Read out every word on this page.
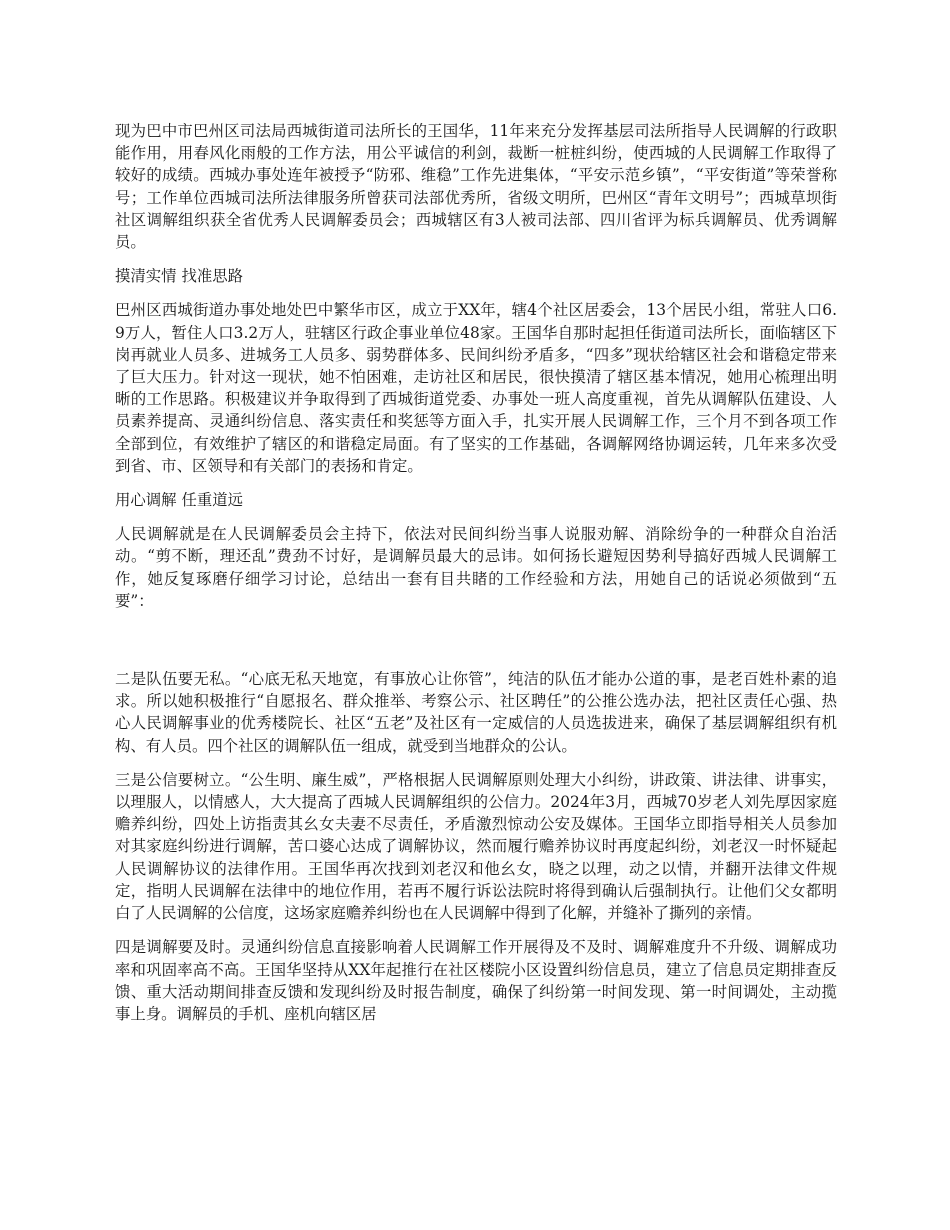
现为巴中市巴州区司法局西城街道司法所长的王国华，11年来充分发挥基层司法所指导人民调解的行政职能作用，用春风化雨般的工作方法，用公平诚信的利剑，裁断一桩桩纠纷，使西城的人民调解工作取得了较好的成绩。西城办事处连年被授予“防邪、维稳”工作先进集体，“平安示范乡镇”，“平安街道”等荣誉称号；工作单位西城司法所法律服务所曾获司法部优秀所，省级文明所，巴州区“青年文明号”；西城草坝街社区调解组织获全省优秀人民调解委员会；西城辖区有3人被司法部、四川省评为标兵调解员、优秀调解员。

摸清实情 找准思路

巴州区西城街道办事处地处巴中繁华市区，成立于XX年，辖4个社区居委会，13个居民小组，常驻人口6.9万人，暂住人口3.2万人，驻辖区行政企事业单位48家。王国华自那时起担任街道司法所长，面临辖区下岗再就业人员多、进城务工人员多、弱势群体多、民间纠纷矛盾多，“四多”现状给辖区社会和谐稳定带来了巨大压力。针对这一现状，她不怕困难，走访社区和居民，很快摸清了辖区基本情况，她用心梳理出明晰的工作思路。积极建议并争取得到了西城街道党委、办事处一班人高度重视，首先从调解队伍建设、人员素养提高、灵通纠纷信息、落实责任和奖惩等方面入手，扎实开展人民调解工作，三个月不到各项工作全部到位，有效维护了辖区的和谐稳定局面。有了坚实的工作基础，各调解网络协调运转，几年来多次受到省、市、区领导和有关部门的表扬和肯定。

用心调解 任重道远

人民调解就是在人民调解委员会主持下，依法对民间纠纷当事人说服劝解、消除纷争的一种群众自治活动。“剪不断，理还乱”费劲不讨好，是调解员最大的忌讳。如何扬长避短因势利导搞好西城人民调解工作，她反复琢磨仔细学习讨论，总结出一套有目共睹的工作经验和方法，用她自己的话说必须做到“五要”：

二是队伍要无私。“心底无私天地宽，有事放心让你管”，纯洁的队伍才能办公道的事，是老百姓朴素的追求。所以她积极推行“自愿报名、群众推举、考察公示、社区聘任”的公推公选办法，把社区责任心强、热心人民调解事业的优秀楼院长、社区“五老”及社区有一定威信的人员选拔进来，确保了基层调解组织有机构、有人员。四个社区的调解队伍一组成，就受到当地群众的公认。

三是公信要树立。“公生明、廉生威”，严格根据人民调解原则处理大小纠纷，讲政策、讲法律、讲事实，以理服人，以情感人，大大提高了西城人民调解组织的公信力。2024年3月，西城70岁老人刘先厚因家庭赡养纠纷，四处上访指责其幺女夫妻不尽责任，矛盾激烈惊动公安及媒体。王国华立即指导相关人员参加对其家庭纠纷进行调解，苦口婆心达成了调解协议，然而履行赡养协议时再度起纠纷，刘老汉一时怀疑起人民调解协议的法律作用。王国华再次找到刘老汉和他幺女，晓之以理，动之以情，并翻开法律文件规定，指明人民调解在法律中的地位作用，若再不履行诉讼法院时将得到确认后强制执行。让他们父女都明白了人民调解的公信度，这场家庭赡养纠纷也在人民调解中得到了化解，并缝补了撕列的亲情。

四是调解要及时。灵通纠纷信息直接影响着人民调解工作开展得及不及时、调解难度升不升级、调解成功率和巩固率高不高。王国华坚持从XX年起推行在社区楼院小区设置纠纷信息员，建立了信息员定期排查反馈、重大活动期间排查反馈和发现纠纷及时报告制度，确保了纠纷第一时间发现、第一时间调处，主动揽事上身。调解员的手机、座机向辖区居
